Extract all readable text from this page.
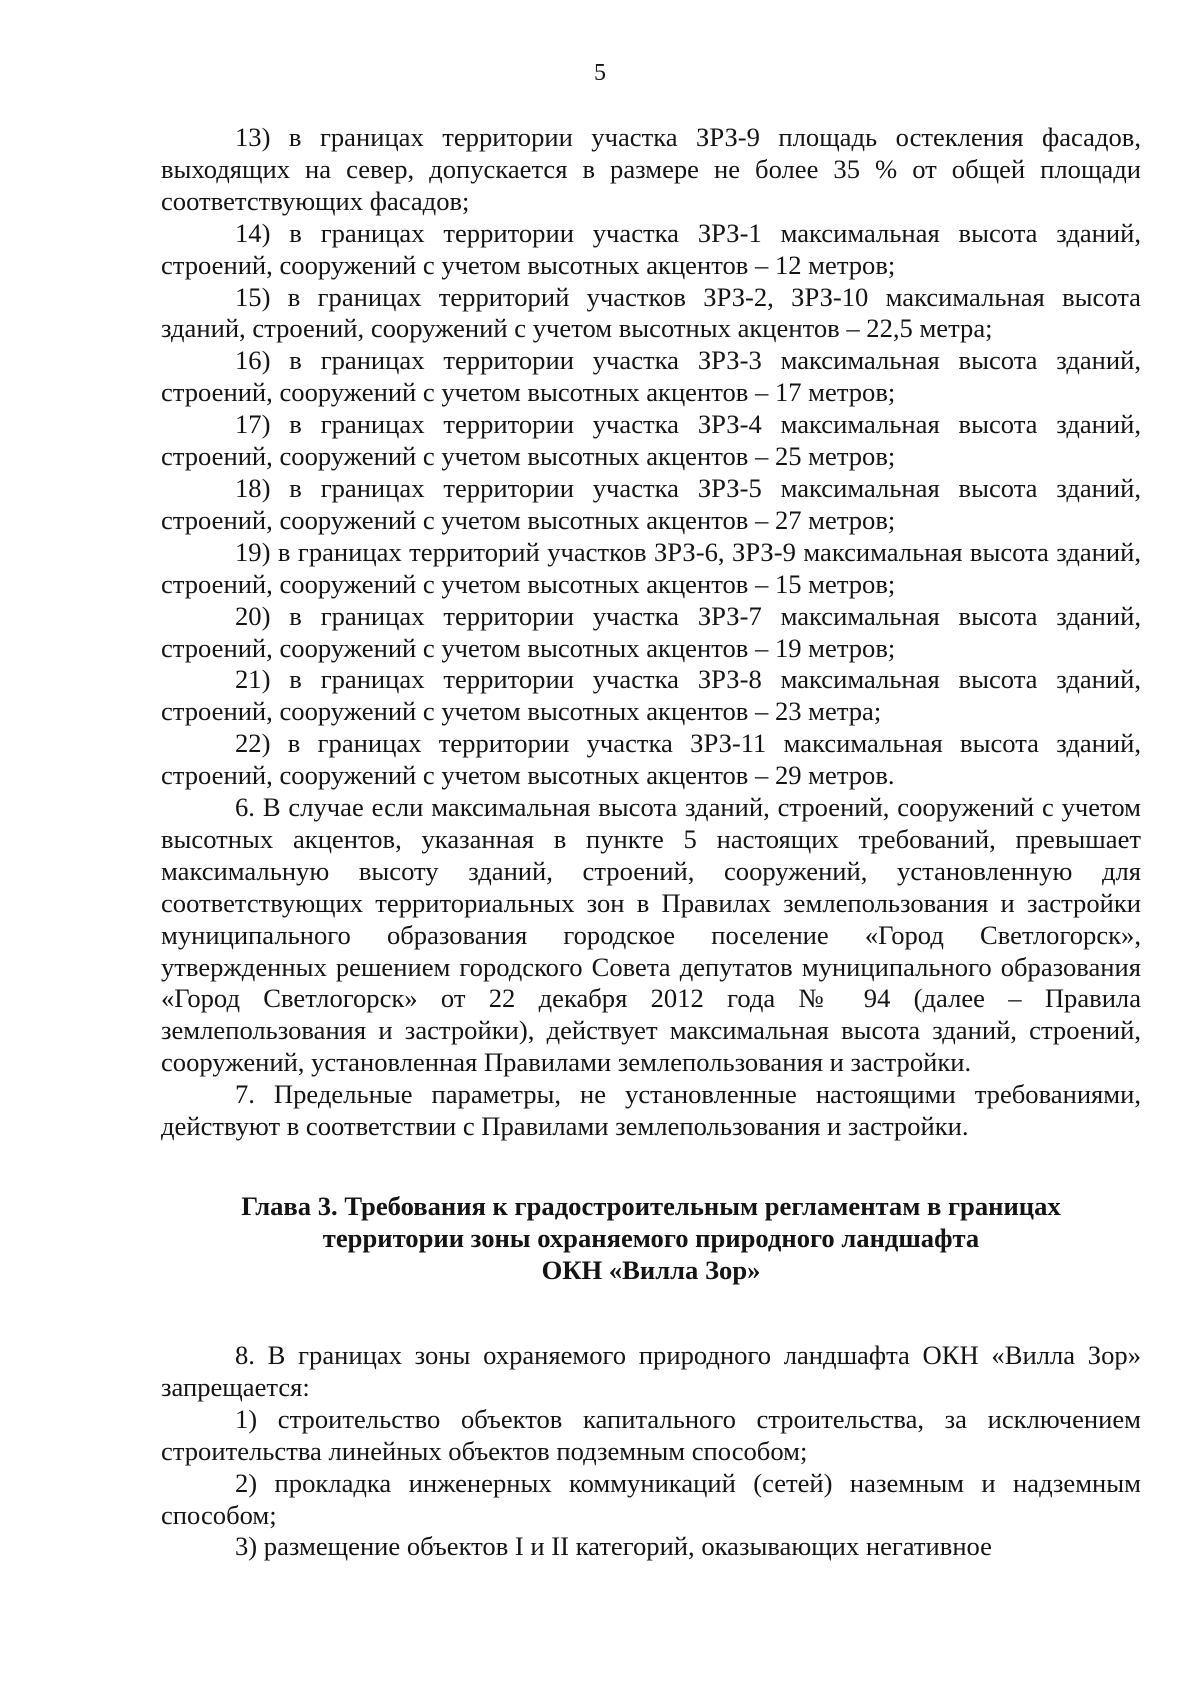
5

13) в границах территории участка ЗРЗ-9 площадь остекления фасадов, выходящих на север, допускается в размере не более 35 % от общей площади соответствующих фасадов;

14) в границах территории участка ЗРЗ-1 максимальная высота зданий, строений, сооружений с учетом высотных акцентов – 12 метров;

15) в границах территорий участков ЗРЗ-2, ЗРЗ-10 максимальная высота зданий, строений, сооружений с учетом высотных акцентов – 22,5 метра;

16) в границах территории участка ЗРЗ-3 максимальная высота зданий, строений, сооружений с учетом высотных акцентов – 17 метров;

17) в границах территории участка ЗРЗ-4 максимальная высота зданий, строений, сооружений с учетом высотных акцентов – 25 метров;

18) в границах территории участка ЗРЗ-5 максимальная высота зданий, строений, сооружений с учетом высотных акцентов – 27 метров;

19) в границах территорий участков ЗРЗ-6, ЗРЗ-9 максимальная высота зданий, строений, сооружений с учетом высотных акцентов – 15 метров;

20) в границах территории участка ЗРЗ-7 максимальная высота зданий, строений, сооружений с учетом высотных акцентов – 19 метров;

21) в границах территории участка ЗРЗ-8 максимальная высота зданий, строений, сооружений с учетом высотных акцентов – 23 метра;

22) в границах территории участка ЗРЗ-11 максимальная высота зданий, строений, сооружений с учетом высотных акцентов – 29 метров.

6. В случае если максимальная высота зданий, строений, сооружений с учетом высотных акцентов, указанная в пункте 5 настоящих требований, превышает максимальную высоту зданий, строений, сооружений, установленную для соответствующих территориальных зон в Правилах землепользования и застройки муниципального образования городское поселение «Город Светлогорск», утвержденных решением городского Совета депутатов муниципального образования «Город Светлогорск» от 22 декабря 2012 года № 94 (далее – Правила землепользования и застройки), действует максимальная высота зданий, строений, сооружений, установленная Правилами землепользования и застройки.

7. Предельные параметры, не установленные настоящими требованиями, действуют в соответствии с Правилами землепользования и застройки.

Глава 3. Требования к градостроительным регламентам в границах
территории зоны охраняемого природного ландшафта
ОКН «Вилла Зор»

8. В границах зоны охраняемого природного ландшафта ОКН «Вилла Зор» запрещается:

1) строительство объектов капитального строительства, за исключением строительства линейных объектов подземным способом;

2) прокладка инженерных коммуникаций (сетей) наземным и надземным способом;

3) размещение объектов I и II категорий, оказывающих негативное
